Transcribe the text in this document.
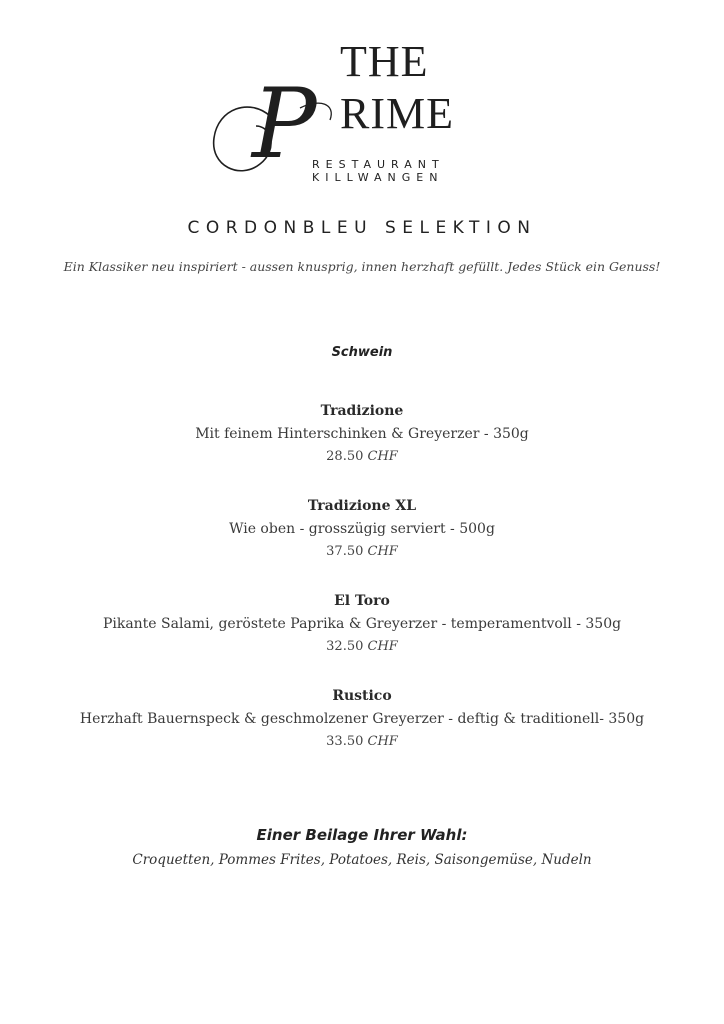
P
THE
RIME
RESTAURANT
KILLWANGEN
CORDONBLEU SELEKTION
Ein Klassiker neu inspiriert - aussen knusprig, innen herzhaft gefüllt. Jedes Stück ein Genuss!
Schwein
Tradizione
Mit feinem Hinterschinken & Greyerzer - 350g
28.50 CHF
Tradizione XL
Wie oben - grosszügig serviert - 500g
37.50 CHF
El Toro
Pikante Salami, geröstete Paprika & Greyerzer - temperamentvoll - 350g
32.50 CHF
Rustico
Herzhaft Bauernspeck & geschmolzener Greyerzer - deftig & traditionell- 350g
33.50 CHF
Einer Beilage Ihrer Wahl:
Croquetten, Pommes Frites, Potatoes, Reis, Saisongemüse, Nudeln
